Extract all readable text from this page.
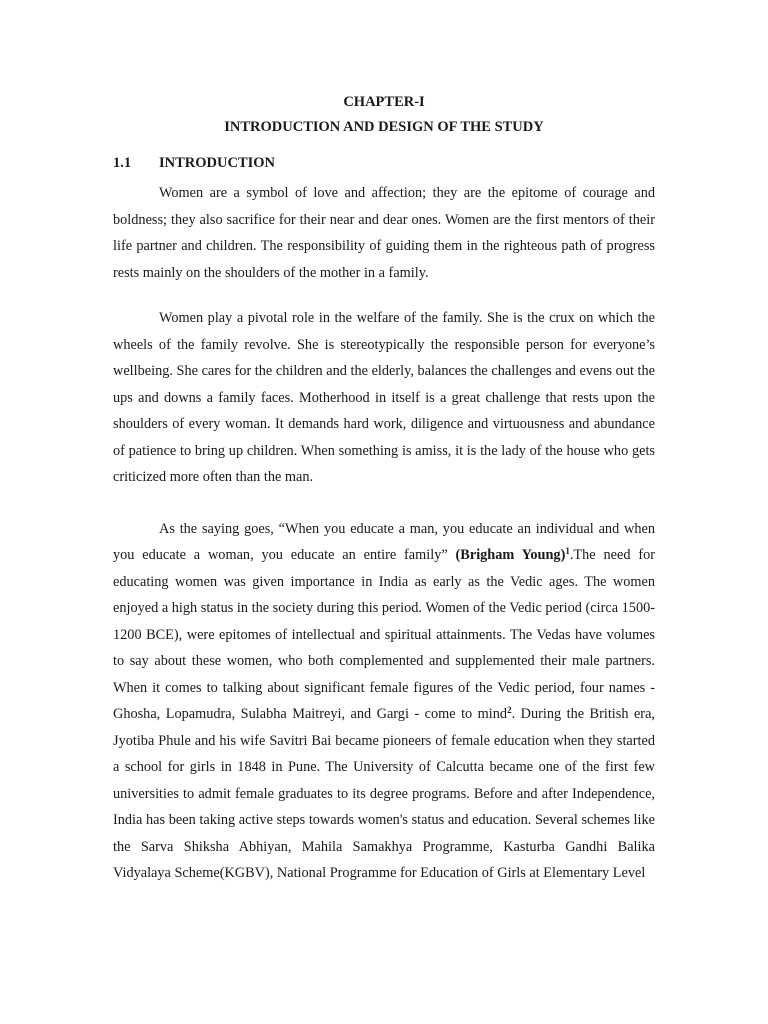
CHAPTER-I

INTRODUCTION AND DESIGN OF THE STUDY

1.1	INTRODUCTION

Women are a symbol of love and affection; they are the epitome of courage and boldness; they also sacrifice for their near and dear ones. Women are the first mentors of their life partner and children. The responsibility of guiding them in the righteous path of progress rests mainly on the shoulders of the mother in a family.

Women play a pivotal role in the welfare of the family. She is the crux on which the wheels of the family revolve. She is stereotypically the responsible person for everyone’s wellbeing. She cares for the children and the elderly, balances the challenges and evens out the ups and downs a family faces. Motherhood in itself is a great challenge that rests upon the shoulders of every woman. It demands hard work, diligence and virtuousness and abundance of patience to bring up children. When something is amiss, it is the lady of the house who gets criticized more often than the man.

As the saying goes, “When you educate a man, you educate an individual and when you educate a woman, you educate an entire family” (Brigham Young)$^1$.The need for educating women was given importance in India as early as the Vedic ages. The women enjoyed a high status in the society during this period. Women of the Vedic period (circa 1500-1200 BCE), were epitomes of intellectual and spiritual attainments. The Vedas have volumes to say about these women, who both complemented and supplemented their male partners. When it comes to talking about significant female figures of the Vedic period, four names - Ghosha, Lopamudra, Sulabha Maitreyi, and Gargi - come to mind$^2$. During the British era, Jyotiba Phule and his wife Savitri Bai became pioneers of female education when they started a school for girls in 1848 in Pune. The University of Calcutta became one of the first few universities to admit female graduates to its degree programs. Before and after Independence, India has been taking active steps towards women's status and education. Several schemes like the Sarva Shiksha Abhiyan, Mahila Samakhya Programme, Kasturba Gandhi Balika Vidyalaya Scheme(KGBV), National Programme for Education of Girls at Elementary Level
